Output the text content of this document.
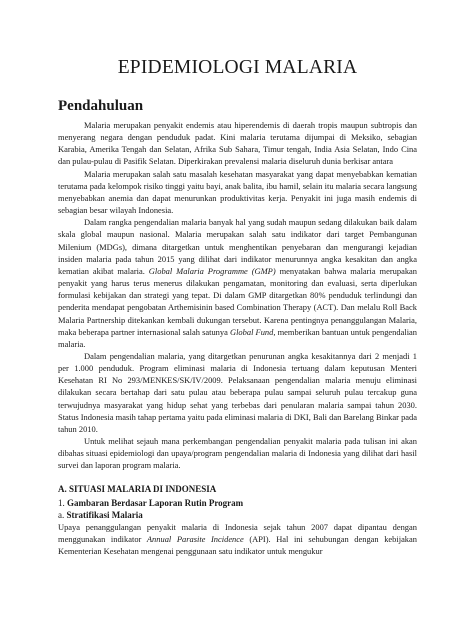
EPIDEMIOLOGI MALARIA
Pendahuluan

Malaria merupakan penyakit endemis atau hiperendemis di daerah tropis maupun subtropis dan menyerang negara dengan penduduk padat. Kini malaria terutama dijumpai di Meksiko, sebagian Karabia, Amerika Tengah dan Selatan, Afrika Sub Sahara, Timur tengah, India Asia Selatan, Indo Cina dan pulau-pulau di Pasifik Selatan. Diperkirakan prevalensi malaria diseluruh dunia berkisar antara

Malaria merupakan salah satu masalah kesehatan masyarakat yang dapat menyebabkan kematian terutama pada kelompok risiko tinggi yaitu bayi, anak balita, ibu hamil, selain itu malaria secara langsung menyebabkan anemia dan dapat menurunkan produktivitas kerja. Penyakit ini juga masih endemis di sebagian besar wilayah Indonesia.

Dalam rangka pengendalian malaria banyak hal yang sudah maupun sedang dilakukan baik dalam skala global maupun nasional. Malaria merupakan salah satu indikator dari target Pembangunan Milenium (MDGs), dimana ditargetkan untuk menghentikan penyebaran dan mengurangi kejadian insiden malaria pada tahun 2015 yang dilihat dari indikator menurunnya angka kesakitan dan angka kematian akibat malaria. Global Malaria Programme (GMP) menyatakan bahwa malaria merupakan penyakit yang harus terus menerus dilakukan pengamatan, monitoring dan evaluasi, serta diperlukan formulasi kebijakan dan strategi yang tepat. Di dalam GMP ditargetkan 80% penduduk terlindungi dan penderita mendapat pengobatan Arthemisinin based Combination Therapy (ACT). Dan melalu Roll Back Malaria Partnership ditekankan kembali dukungan tersebut. Karena pentingnya penanggulangan Malaria, maka beberapa partner internasional salah satunya Global Fund, memberikan bantuan untuk pengendalian malaria.

Dalam pengendalian malaria, yang ditargetkan penurunan angka kesakitannya dari 2 menjadi 1 per 1.000 penduduk. Program eliminasi malaria di Indonesia tertuang dalam keputusan Menteri Kesehatan RI No 293/MENKES/SK/IV/2009. Pelaksanaan pengendalian malaria menuju eliminasi dilakukan secara bertahap dari satu pulau atau beberapa pulau sampai seluruh pulau tercakup guna terwujudnya masyarakat yang hidup sehat yang terbebas dari penularan malaria sampai tahun 2030. Status Indonesia masih tahap pertama yaitu pada eliminasi malaria di DKI, Bali dan Barelang Binkar pada tahun 2010.

Untuk melihat sejauh mana perkembangan pengendalian penyakit malaria pada tulisan ini akan dibahas situasi epidemiologi dan upaya/program pengendalian malaria di Indonesia yang dilihat dari hasil survei dan laporan program malaria.

A. SITUASI MALARIA DI INDONESIA
1. Gambaran Berdasar Laporan Rutin Program
a. Stratifikasi Malaria

Upaya penanggulangan penyakit malaria di Indonesia sejak tahun 2007 dapat dipantau dengan menggunakan indikator Annual Parasite Incidence (API). Hal ini sehubungan dengan kebijakan Kementerian Kesehatan mengenai penggunaan satu indikator untuk mengukur
